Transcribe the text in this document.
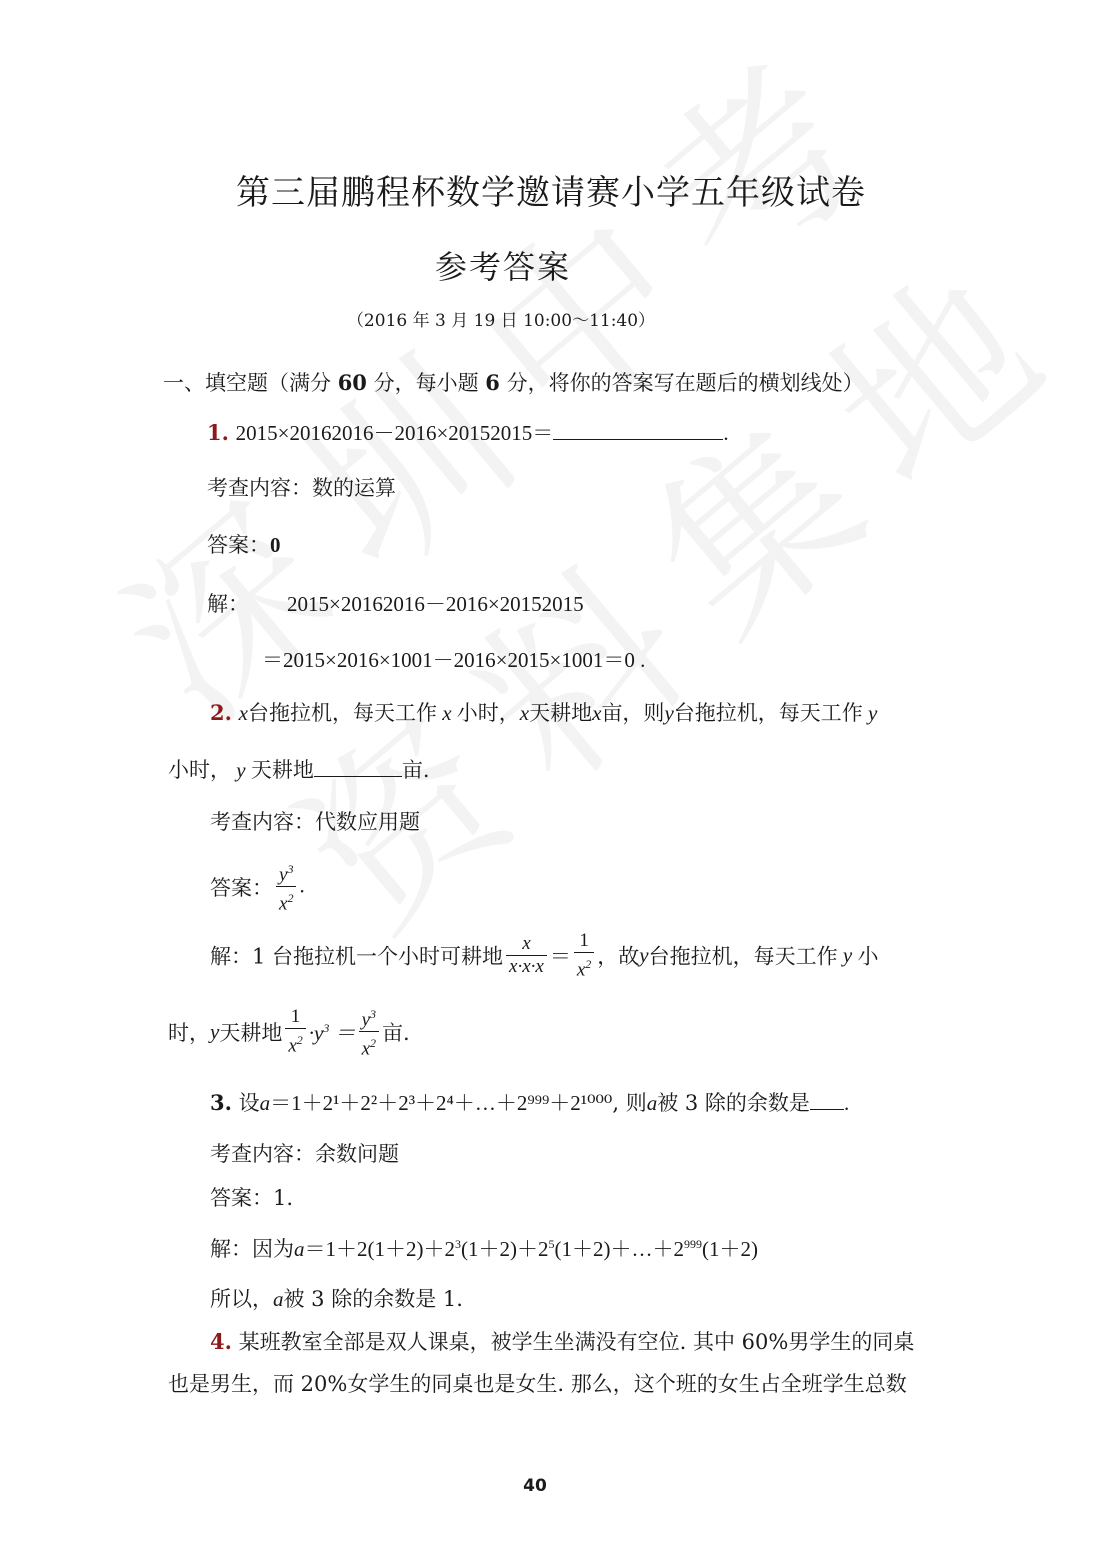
第三届鹏程杯数学邀请赛小学五年级试卷
参考答案
（2016 年 3 月 19 日 10:00～11:40）
一、填空题（满分 60 分，每小题 6 分，将你的答案写在题后的横划线处）
1. 2015×20162016－2016×20152015＝	.
考查内容：数的运算
答案：0
解： 2015×20162016－2016×20152015
＝2015×2016×1001－2016×2015×1001＝0 .
2. x台拖拉机，每天工作 x 小时，x天耕地x亩，则y台拖拉机，每天工作 y
小时， y 天耕地	亩.
考查内容：代数应用题
答案： $\frac{y^3}{x^2}$ .
解：1 台拖拉机一个小时可耕地 $\frac{x}{x\cdot x\cdot x} = \frac{1}{x^2}$ ，故y台拖拉机，每天工作 y 小
时，y天耕地 $\frac{1}{x^2} \cdot y^3 = \frac{y^3}{x^2}$ 亩.
3. 设a＝1＋2¹＋2²＋2³＋2⁴＋…＋2⁹⁹⁹＋2¹⁰⁰⁰, 则a被 3 除的余数是 .
考查内容：余数问题
答案：1.
解：因为$a=1+2(1+2)+2^3(1+2)+2^5(1+2)+\dots+2^{999}(1+2)$
所以，a被 3 除的余数是 1.
4. 某班教室全部是双人课桌，被学生坐满没有空位. 其中 60%男学生的同桌
也是男生，而 20%女学生的同桌也是女生. 那么，这个班的女生占全班学生总数
40
